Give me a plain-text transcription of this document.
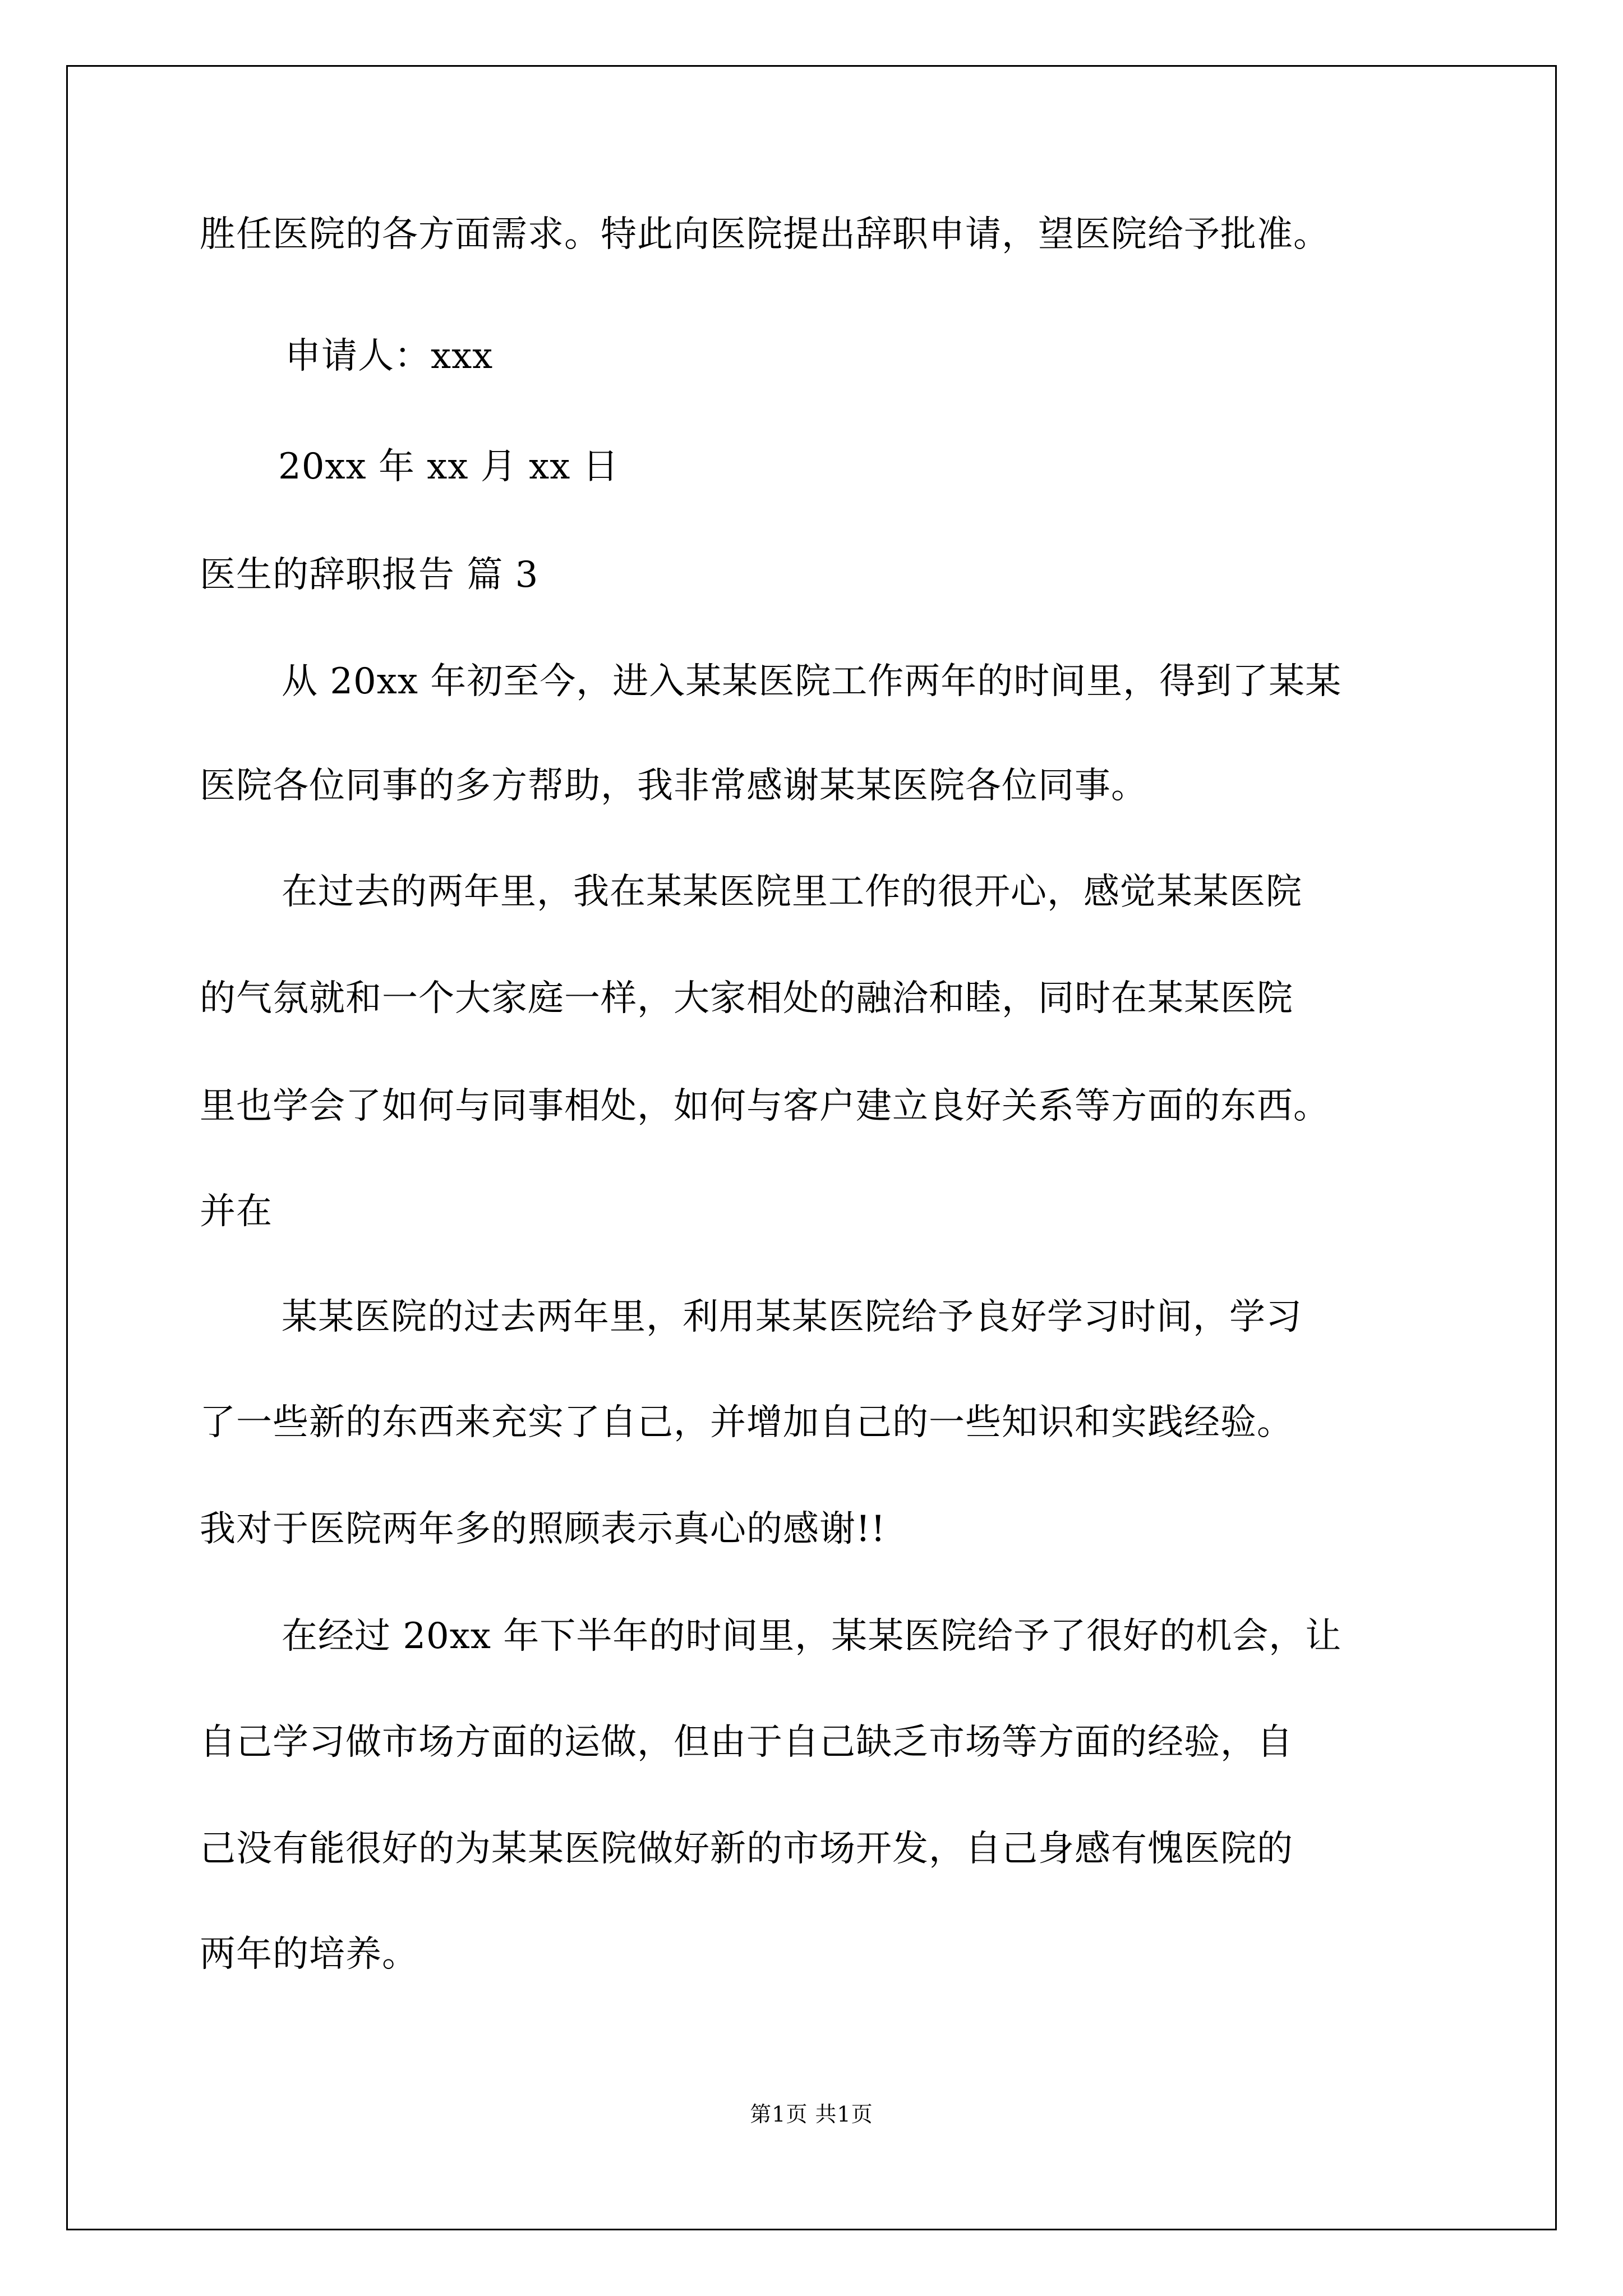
胜任医院的各方面需求。特此向医院提出辞职申请，望医院给予批准。
申请人：xxx
20xx 年 xx 月 xx 日
医生的辞职报告 篇 3
从 20xx 年初至今，进入某某医院工作两年的时间里，得到了某某
医院各位同事的多方帮助，我非常感谢某某医院各位同事。
在过去的两年里，我在某某医院里工作的很开心，感觉某某医院
的气氛就和一个大家庭一样，大家相处的融洽和睦，同时在某某医院
里也学会了如何与同事相处，如何与客户建立良好关系等方面的东西。
并在
某某医院的过去两年里，利用某某医院给予良好学习时间，学习
了一些新的东西来充实了自己，并增加自己的一些知识和实践经验。
我对于医院两年多的照顾表示真心的感谢!!
在经过 20xx 年下半年的时间里，某某医院给予了很好的机会，让
自己学习做市场方面的运做，但由于自己缺乏市场等方面的经验，自
己没有能很好的为某某医院做好新的市场开发，自己身感有愧医院的
两年的培养。
第1页 共1页
